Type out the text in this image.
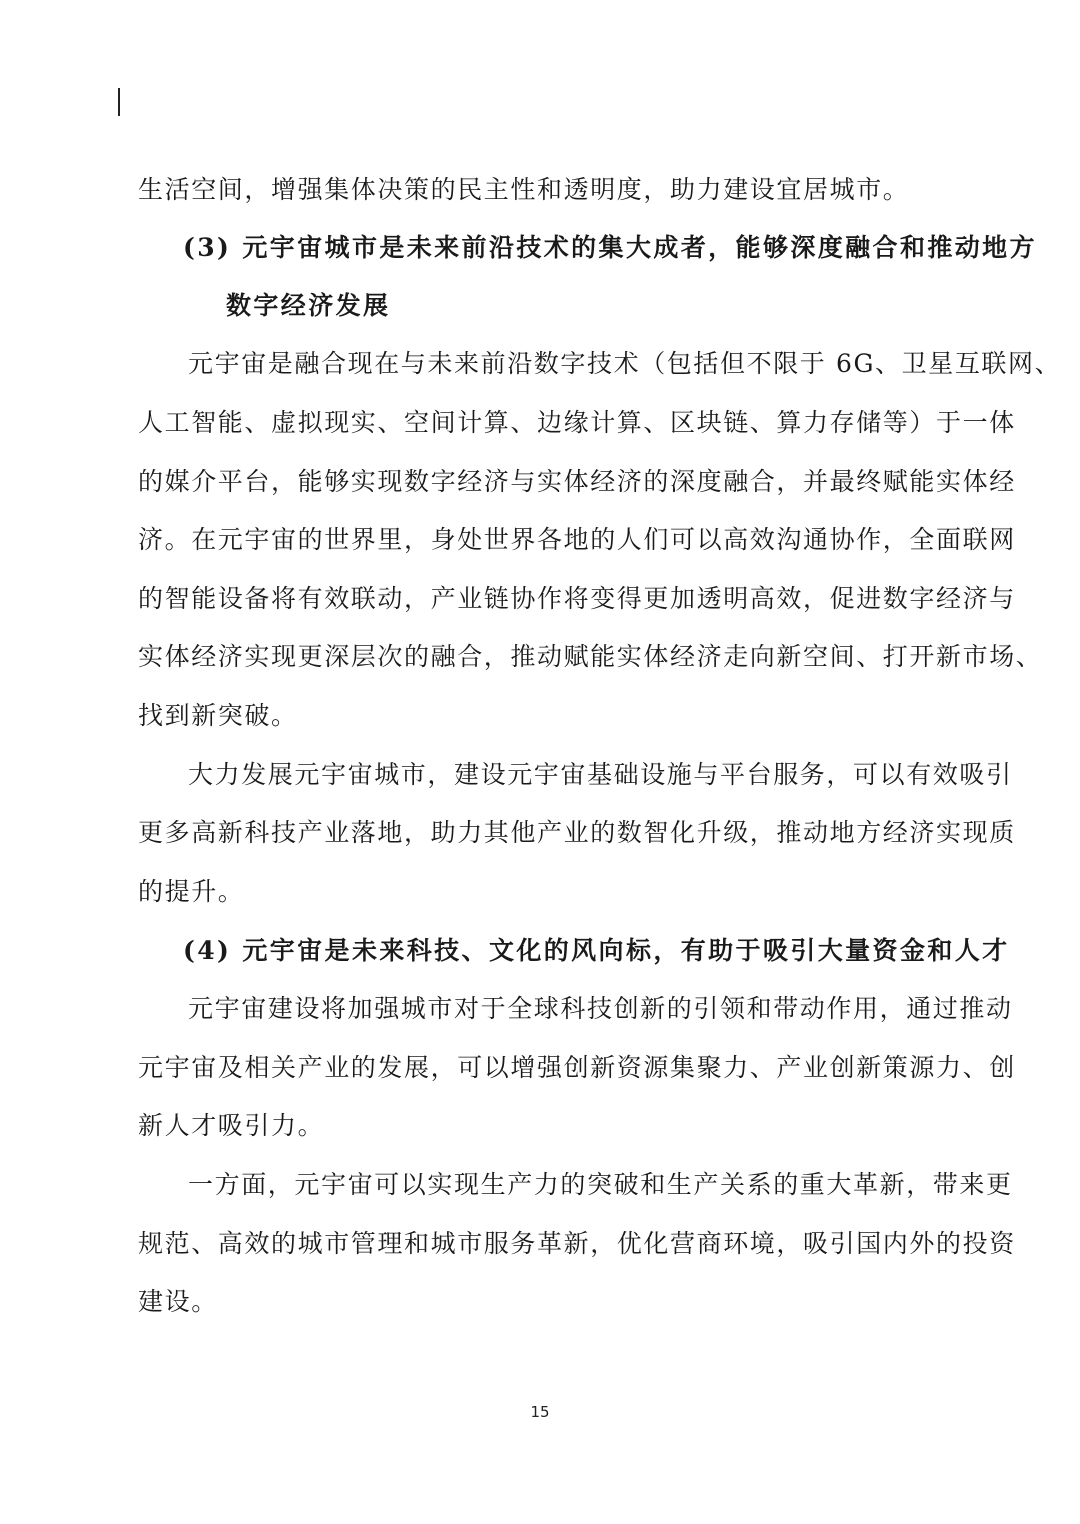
生活空间，增强集体决策的民主性和透明度，助力建设宜居城市。
(3) 元宇宙城市是未来前沿技术的集大成者，能够深度融合和推动地方
数字经济发展
元宇宙是融合现在与未来前沿数字技术（包括但不限于 6G、卫星互联网、
人工智能、虚拟现实、空间计算、边缘计算、区块链、算力存储等）于一体
的媒介平台，能够实现数字经济与实体经济的深度融合，并最终赋能实体经
济。在元宇宙的世界里，身处世界各地的人们可以高效沟通协作，全面联网
的智能设备将有效联动，产业链协作将变得更加透明高效，促进数字经济与
实体经济实现更深层次的融合，推动赋能实体经济走向新空间、打开新市场、
找到新突破。
大力发展元宇宙城市，建设元宇宙基础设施与平台服务，可以有效吸引
更多高新科技产业落地，助力其他产业的数智化升级，推动地方经济实现质
的提升。
(4) 元宇宙是未来科技、文化的风向标，有助于吸引大量资金和人才
元宇宙建设将加强城市对于全球科技创新的引领和带动作用，通过推动
元宇宙及相关产业的发展，可以增强创新资源集聚力、产业创新策源力、创
新人才吸引力。
一方面，元宇宙可以实现生产力的突破和生产关系的重大革新，带来更
规范、高效的城市管理和城市服务革新，优化营商环境，吸引国内外的投资
建设。
15
